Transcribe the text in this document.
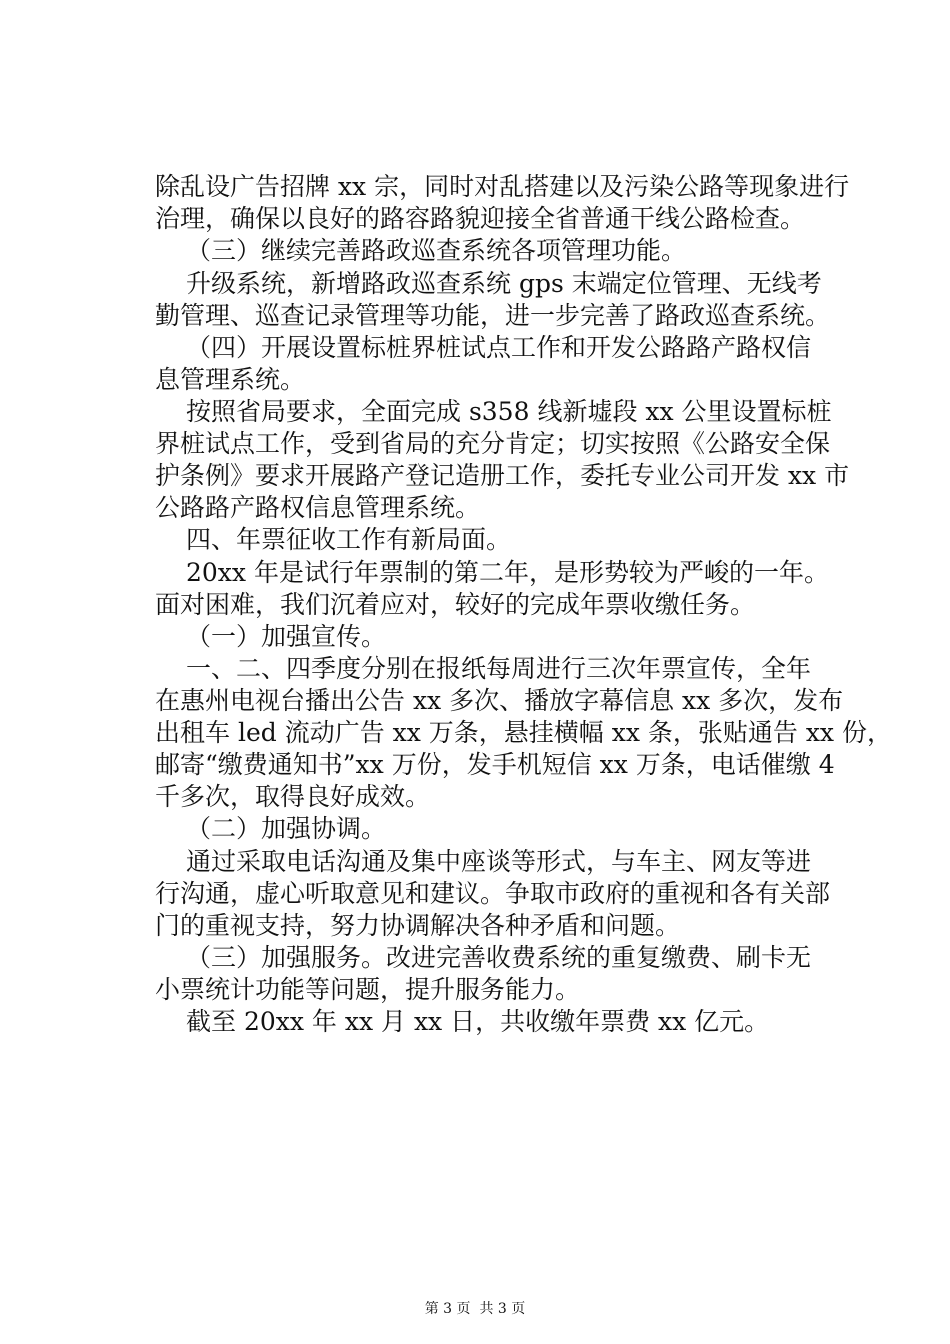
除乱设广告招牌 xx 宗，同时对乱搭建以及污染公路等现象进行
治理，确保以良好的路容路貌迎接全省普通干线公路检查。
（三）继续完善路政巡查系统各项管理功能。
升级系统，新增路政巡查系统 gps 末端定位管理、无线考
勤管理、巡查记录管理等功能，进一步完善了路政巡查系统。
（四）开展设置标桩界桩试点工作和开发公路路产路权信
息管理系统。
按照省局要求，全面完成 s358 线新墟段 xx 公里设置标桩
界桩试点工作，受到省局的充分肯定；切实按照《公路安全保
护条例》要求开展路产登记造册工作，委托专业公司开发 xx 市
公路路产路权信息管理系统。
四、年票征收工作有新局面。
20xx 年是试行年票制的第二年，是形势较为严峻的一年。
面对困难，我们沉着应对，较好的完成年票收缴任务。
（一）加强宣传。
一、二、四季度分别在报纸每周进行三次年票宣传，全年
在惠州电视台播出公告 xx 多次、播放字幕信息 xx 多次，发布
出租车 led 流动广告 xx 万条，悬挂横幅 xx 条，张贴通告 xx 份，
邮寄“缴费通知书”xx 万份，发手机短信 xx 万条，电话催缴 4
千多次，取得良好成效。
（二）加强协调。
通过采取电话沟通及集中座谈等形式，与车主、网友等进
行沟通，虚心听取意见和建议。争取市政府的重视和各有关部
门的重视支持，努力协调解决各种矛盾和问题。
（三）加强服务。改进完善收费系统的重复缴费、刷卡无
小票统计功能等问题，提升服务能力。
截至 20xx 年 xx 月 xx 日，共收缴年票费 xx 亿元。
第 3 页  共 3 页
